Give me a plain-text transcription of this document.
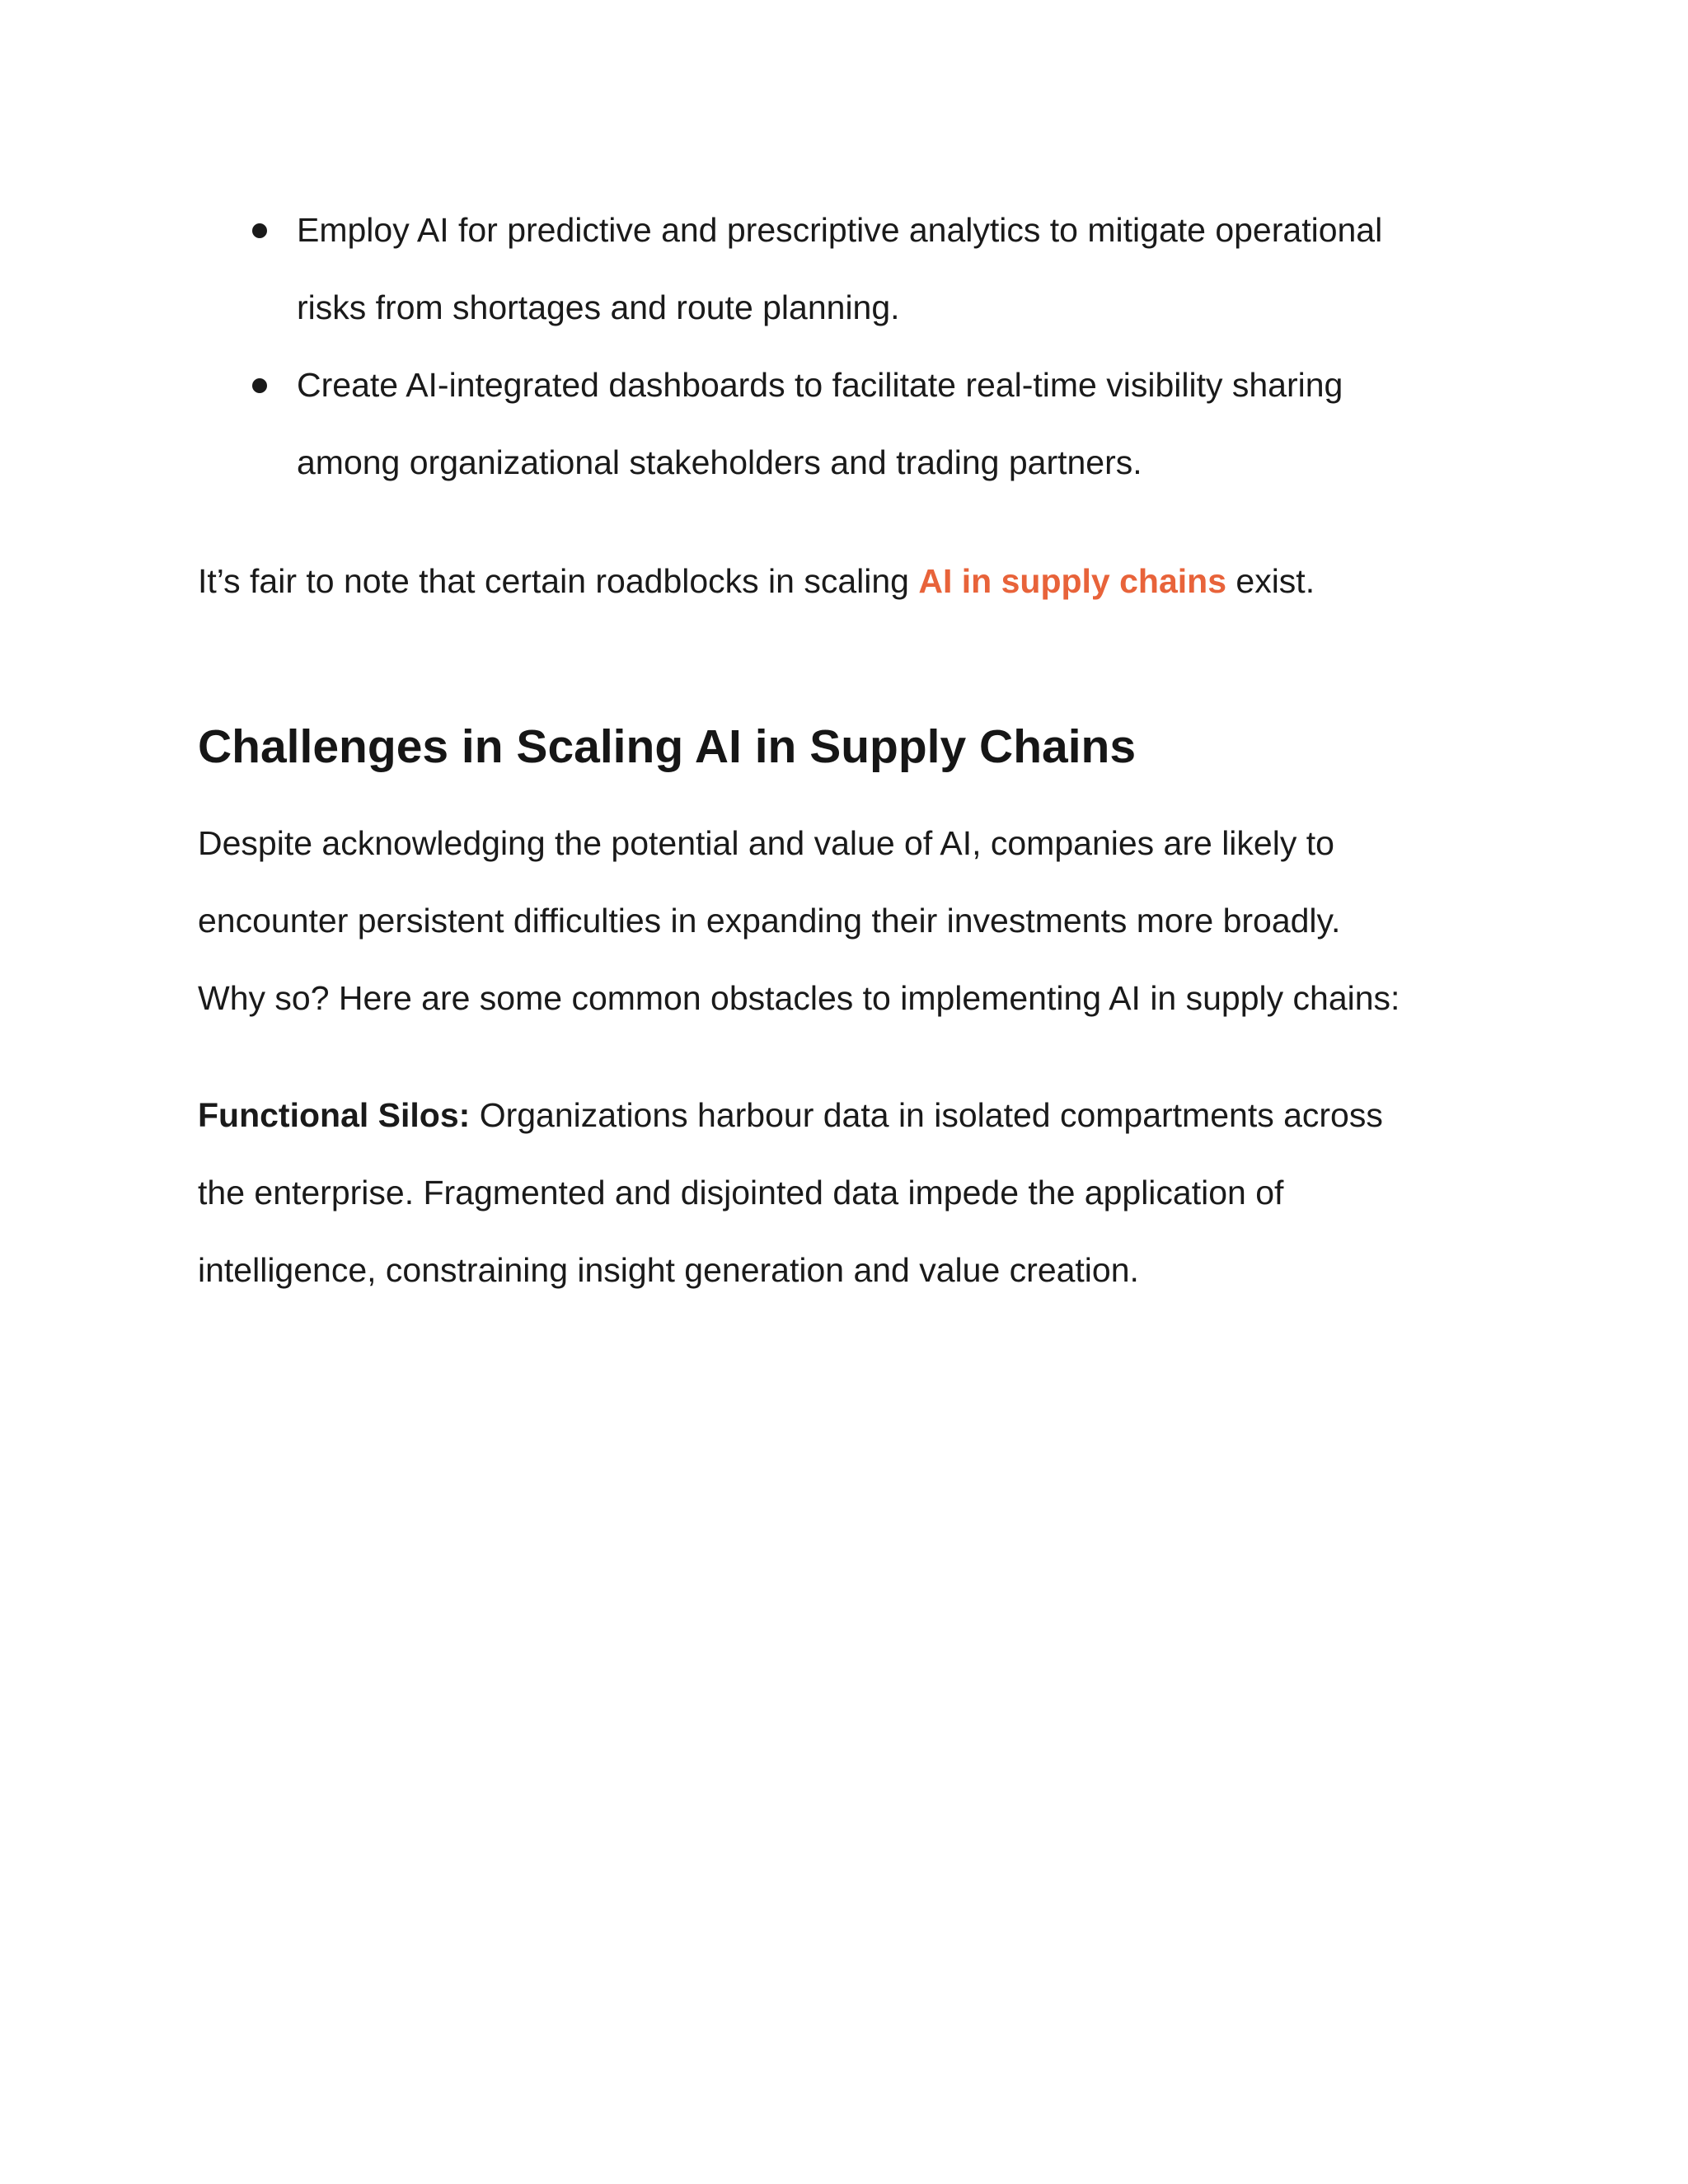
Employ AI for predictive and prescriptive analytics to mitigate operational
risks from shortages and route planning.
Create AI-integrated dashboards to facilitate real-time visibility sharing
among organizational stakeholders and trading partners.

It’s fair to note that certain roadblocks in scaling AI in supply chains exist.

Challenges in Scaling AI in Supply Chains

Despite acknowledging the potential and value of AI, companies are likely to
encounter persistent difficulties in expanding their investments more broadly.
Why so? Here are some common obstacles to implementing AI in supply chains:

Functional Silos: Organizations harbour data in isolated compartments across
the enterprise. Fragmented and disjointed data impede the application of
intelligence, constraining insight generation and value creation.
